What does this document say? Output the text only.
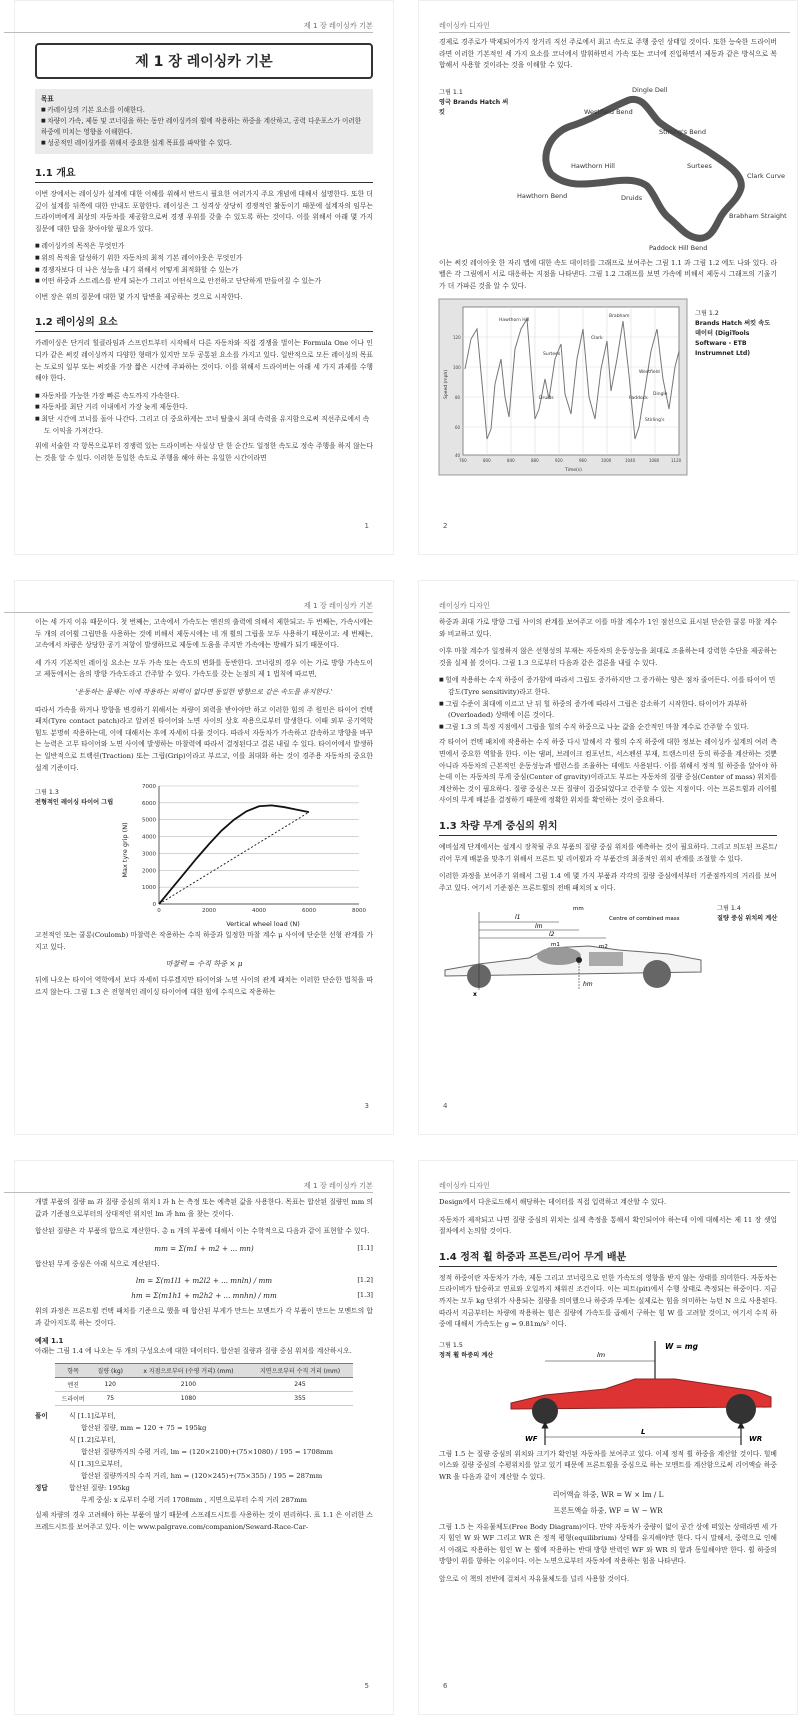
제 1 장 레이싱카 기본
제 1 장 레이싱카 기본
목표
■ 카레이싱의 기본 요소를 이해한다.
■ 차량이 가속, 제동 및 코너링을 하는 동안 레이싱카의 휠에 작용하는 하중을 계산하고, 공력 다운포스가 이러한 하중에 미치는 영향을 이해한다.
■ 성공적인 레이싱카를 위해서 중요한 설계 목표를 파악할 수 있다.
1.1 개요

이번 장에서는 레이싱카 설계에 대한 이해를 위해서 반드시 필요한 여러가지 주요 개념에 대해서 설명한다. 또한 더 깊이 설계를 뒤쪽에 대한 안내도 포함한다. 레이싱은 그 성격상 상당히 경쟁적인 활동이기 때문에 설계자의 임무는 드라이버에게 최상의 자동차를 제공함으로써 경쟁 우위를 갖출 수 있도록 하는 것이다. 이를 위해서 아래 몇 가지 질문에 대한 답을 찾아야할 필요가 있다.

■ 레이싱카의 목적은 무엇인가
■ 위의 목적을 달성하기 위한 자동차의 최적 기본 레이아웃은 무엇인가
■ 경쟁자보다 더 나은 성능을 내기 위해서 어떻게 최적화할 수 있는가
■ 어떤 하중과 스트레스를 받게 되는가 그리고 어떤식으로 안전하고 단단하게 만들어질 수 있는가

이번 장은 위의 질문에 대한 몇 가지 답변을 제공하는 것으로 시작한다.

1.2 레이싱의 요소

카레이싱은 단거리 힐클라임과 스프린트부터 시작해서 다른 자동차와 직접 경쟁을 벌이는 Formula One 이나 인디카 같은 써킷 레이싱까지 다양한 형태가 있지만 모두 공통된 요소를 가지고 있다. 일반적으로 모든 레이싱의 목표는 도로의 일부 또는 써킷을 가장 짧은 시간에 주파하는 것이다. 이를 위해서 드라이버는 아래 세 가지 과제를 수행해야 한다.

■ 자동차를 가능한 가장 빠른 속도까지 가속한다.
■ 자동차를 최단 거리 이내에서 가장 늦게 제동한다.
■ 최단 시간에 코너를 돌아 나간다. 그리고 더 중요하게는 코너 탈출시 최대 속력을 유지함으로써 직선주로에서 속도 이익을 가져간다.

위에 서술한 각 항목으로부터 경쟁력 있는 드라이버는 사실상 단 한 순간도 일정한 속도로 정속 주행을 하지 않는다는 것을 알 수 있다. 이러한 동일한 속도로 주행을 해야 하는 유일한 시간이라면

1
레이싱카 디자인

경제로 경주로가 박제되어가지 장거리 직선 주로에서 최고 속도로 주행 중인 상태일 것이다. 또한 능숙한 드라이버라면 이러한 기본적인 세 가지 요소를 코너에서 발휘하면서 가속 또는 코너에 진입하면서 제동과 같은 방식으로 복합해서 사용할 것이라는 것을 이해할 수 있다.

그림 1.1
영국 Brands Hatch 써킷
Dingle Dell
Westfield Bend
Stirling's Bend
Hawthorn Hill	Surtees
Clark Curve
Hawthorn Bend	Druids
Brabham Straight
Paddock Hill Bend

이는 써킷 레이아웃 한 자리 맵에 대한 속도 데이터를 그래프로 보여주는 그림 1.1 과 그림 1.2 에도 나와 있다. 라벨은 각 그림에서 서로 대응하는 지점을 나타낸다. 그림 1.2 그래프를 보면 가속에 비해서 제동시 그래프의 기울기가 더 가파른 것을 알 수 있다.

Hawthorn Hill
Druids
Surtees
Brabham
Paddock
Clark
Westfield
Stirling's
Dingle
Speed (mph)
Time(s)
120
100
80
60
40
760	800	840	880	920	960	1000	1040	1080	1120
그림 1.2
Brands Hatch 써킷 속도 데이터 (DigiTools Software - ETB Instrumnet Ltd)
2
제 1 장 레이싱카 기본

이는 세 가지 이유 때문이다. 첫 번째는, 고속에서 가속도는 엔진의 출력에 의해서 제한되고: 두 번째는, 가속시에는 두 개의 리어휠 그립만을 사용하는 것에 비해서 제동시에는 네 개 휠의 그립을 모두 사용하기 때문이고: 세 번째는, 고속에서 차량은 상당한 공기 저항이 발생하므로 제동에 도움을 주지만 가속에는 방해가 되기 때문이다.

세 가지 기본적인 레이싱 요소는 모두 가속 또는 속도의 변화를 동반한다. 코너링의 경우 이는 가로 방향 가속도이고 제동에서는 음의 방향 가속도라고 간주할 수 있다. 가속도를 갖는 논점의 제 1 법칙에 따르면,

'운동하는 물체는 이에 작용하는 외력이 없다면 동일한 방향으로 같은 속도를 유지한다.'

따라서 가속을 하거나 방향을 변경하기 위해서는 차량이 외력을 받아야만 하고 이러한 힘의 주 원인은 타이어 컨택 패치(Tyre contact patch)라고 알려진 타이어와 노면 사이의 상호 작용으로부터 발생한다. 이때 외부 공기역학 힘도 분명히 작용하는데, 이에 대해서는 후에 자세히 다룰 것이다. 따라서 자동차가 가속하고 감속하고 방향을 바꾸는 능력은 고무 타이어와 노면 사이에 발생하는 마찰력에 따라서 결정된다고 결론 내릴 수 있다. 타이어에서 발생하는 일반적으로 트랙션(Traction) 또는 그립(Grip)이라고 부르고, 이를 최대화 하는 것이 경주용 자동차의 중요한 설계 기준이다.

그림 1.3
전형적인 레이싱 타이어 그립
Max tyre grip (N)
Vertical wheel load (N)
0
1000
2000
3000
4000
5000
6000
7000
0	2000	4000	6000	8000

고전적인 또는 쿨롱(Coulomb) 마찰력은 작용하는 수직 하중과 일정한 마찰 계수 μ 사이에 단순한 선형 관계를 가지고 있다.

마찰력 = 수직 하중 × μ

뒤에 나오는 타이어 역학에서 보다 자세히 다루겠지만 타이어와 노면 사이의 관계 패치는 이러한 단순한 법칙을 따르지 않는다. 그림 1.3 은 전형적인 레이싱 타이어에 대한 힘에 수직으로 작용하는

3
레이싱카 디자인

하중과 최대 가로 방향 그립 사이의 관계를 보여주고 이를 마찰 계수가 1인 점선으로 표시된 단순한 쿨롱 마찰 계수와 비교하고 있다.

이후 마찰 계수가 일정하지 않은 선형성의 부재는 자동차의 운동성능을 최대로 조율하는데 강력한 수단을 제공하는 것을 실제 볼 것이다. 그림 1.3 으로부터 다음과 같은 결론을 내릴 수 있다.

■ 힐에 작용하는 수직 하중이 증가함에 따라서 그립도 증가하지만 그 증가하는 양은 점차 줄어든다. 이를 타이어 민감도(Tyre sensitivity)라고 한다.
■ 그립 수준이 최대에 이르고 난 뒤 힐 하중의 증가에 따라서 그립은 감소하기 시작한다. 타이어가 과부하(Overloaded) 상태에 이른 것이다.
■ 그림 1.3 의 특정 지점에서 그립을 힐의 수직 하중으로 나눈 값을 순간적인 마찰 계수로 간주할 수 있다.

각 타이어 컨택 패치에 작용하는 수직 하중 다시 말해서 각 휠의 수직 하중에 대한 정보는 레이싱카 설계의 여러 측면에서 중요한 역할을 한다. 이는 댐퍼, 브레이크 컴포넌트, 서스펜션 부재, 트랜스미션 등의 하중을 계산하는 것뿐 아니라 자동차의 근본적인 운동성능과 밸런스를 조율하는 데에도 사용된다. 이를 위해서 정적 힐 하중을 알아야 하는데 이는 자동차의 무게 중심(Center of gravity)이라고도 부르는 자동차의 질량 중심(Center of mass) 위치를 계산하는 것이 필요하다. 질량 중심은 모든 질량이 집중되었다고 간주할 수 있는 지점이다. 이는 프론트휠과 리어휠 사이의 무게 배분을 결정하기 때문에 정확한 위치를 확인하는 것이 중요하다.

1.3 차량 무게 중심의 위치

예비설계 단계에서는 설계시 장착될 주요 부품의 질량 중심 위치를 예측하는 것이 필요하다. 그리고 의도된 프론트/리어 무게 배분을 맞추기 위해서 프론트 및 리어휠과 각 부품간의 최종적인 위치 관계를 조절할 수 있다.

이러한 과정을 보여주기 위해서 그림 1.4 에 몇 가지 부품과 각각의 질량 중심에서부터 기준점까지의 거리를 보여주고 있다. 여기서 기준점은 프론트휠의 전배 패치의 x 이다.

l1
lm
l2
hm
x
m1	m2
mm
Centre of combined mass
그림 1.4
질량 중심 위치의 계산
4
제 1 장 레이싱카 기본

개별 부품의 질량 m 과 질량 중심의 위치 l 과 h 는 측정 또는 예측된 값을 사용한다. 목표는 합산된 질량인 mm 의 값과 기준점으로부터의 상대적인 위치인 lm 과 hm 을 찾는 것이다.

합산된 질량은 각 부품의 합으로 계산한다. 총 n 개의 부품에 대해서 이는 수학적으로 다음과 같이 표현할 수 있다.

mm = Σ(m1 + m2 + ... mn)	[1.1]

합산된 무게 중심은 아래 식으로 계산된다.

lm = Σ(m1l1 + m2l2 + ... mnln) / mm	[1.2]
hm = Σ(m1h1 + m2h2 + ... mnhn) / mm	[1.3]

위의 과정은 프론트휠 컨택 패치를 기준으로 했을 때 합산된 부게가 만드는 모멘트가 각 부품이 만드는 모멘트의 합과 같아지도록 하는 것이다.

예제 1.1

아래는 그림 1.4 에 나오는 두 개의 구성요소에 대한 데이터다. 합산된 질량과 질량 중심 위치를 계산하시오.

항목	질량 (kg)	x 지점으로부터 (수평 거리) (mm)	지면으로부터 수직 거리 (mm)
엔진	120	2100	245
드라이버	75	1080	355
풀이	식 [1.1]로부터,
합산된 질량, mm = 120 + 75 = 195kg
식 [1.2]로부터,
합산된 질량까지의 수평 거리, lm = (120×2100)+(75×1080) / 195 = 1708mm
식 [1.3]으로부터,
합산된 질량까지의 수직 거리, hm = (120×245)+(75×355) / 195 = 287mm
정답	합산된 질량: 195kg
무게 중심: x 로부터 수평 거리 1708mm , 지면으로부터 수직 거리 287mm

실제 차량의 경우 고려해야 하는 부품이 많기 때문에 스프레드시트를 사용하는 것이 편리하다. 표 1.1 은 이러한 스프레드시트를 보여주고 있다. 이는 www.palgrave.com/companion/Seward-Race-Car-

5
레이싱카 디자인

Design에서 다운로드해서 해당하는 데이터를 직접 입력하고 계산할 수 있다.

자동차가 제작되고 나면 질량 중심의 위치는 실제 측정을 통해서 확인되어야 하는데 이에 대해서는 제 11 장 셋업 절차에서 논의할 것이다.

1.4 정적 휠 하중과 프론트/리어 무게 배분

정적 하중이란 자동차가 가속, 제동 그리고 코너링으로 인한 가속도의 영향을 받지 않는 상태를 의미한다. 자동차는 드라이버가 탑승하고 연료와 오일까지 채워진 조건이다. 이는 피트(pit)에서 수행 상태로 측정되는 하중이다. 지금까지는 모두 kg 단위가 사용되는 질량을 의미했으나 하중과 무게는 실제로는 힘을 의미하는 뉴턴 N 으로 사용된다. 따라서 지금부터는 차량에 작용하는 힘은 질량에 가속도를 곱해서 구하는 힘 W 를 고려할 것이고, 여기서 수직 하중에 대해서 가속도는 g = 9.81m/s² 이다.

그림 1.5
정적 휠 하중의 계산
W = mg
lm
WF	WR
L

그림 1.5 는 질량 중심의 위치와 크기가 확인된 자동차를 보여주고 있다. 이제 정적 휠 하중을 계산할 것이다. 힐베이스와 질량 중심의 수평위치를 알고 있기 때문에 프론트휠을 중심으로 하는 모멘트를 계산함으로써 리어액슬 하중 WR 을 다음과 같이 계산할 수 있다.

리어액슬 하중, WR = W × lm / L
프론트액슬 하중, WF = W − WR

그림 1.5 는 자유물체도(Free Body Diagram)이다. 만약 자동차가 중량이 없이 공간 상에 떠있는 상태라면 세 가지 힘인 W 와 WF 그리고 WR 은 정적 평형(equilibrium) 상태를 유지해야만 한다. 다시 말해서, 중력으로 인해서 아래로 작용하는 힘인 W 는 휠에 작용하는 반대 방향 반력인 WF 와 WR 의 합과 동일해야만 한다. 휠 하중의 방향이 위를 향하는 이유이다. 이는 노면으로부터 자동차에 작용하는 힘을 나타낸다.

앞으로 이 책의 전반에 걸쳐서 자유물체도를 널리 사용할 것이다.

6
